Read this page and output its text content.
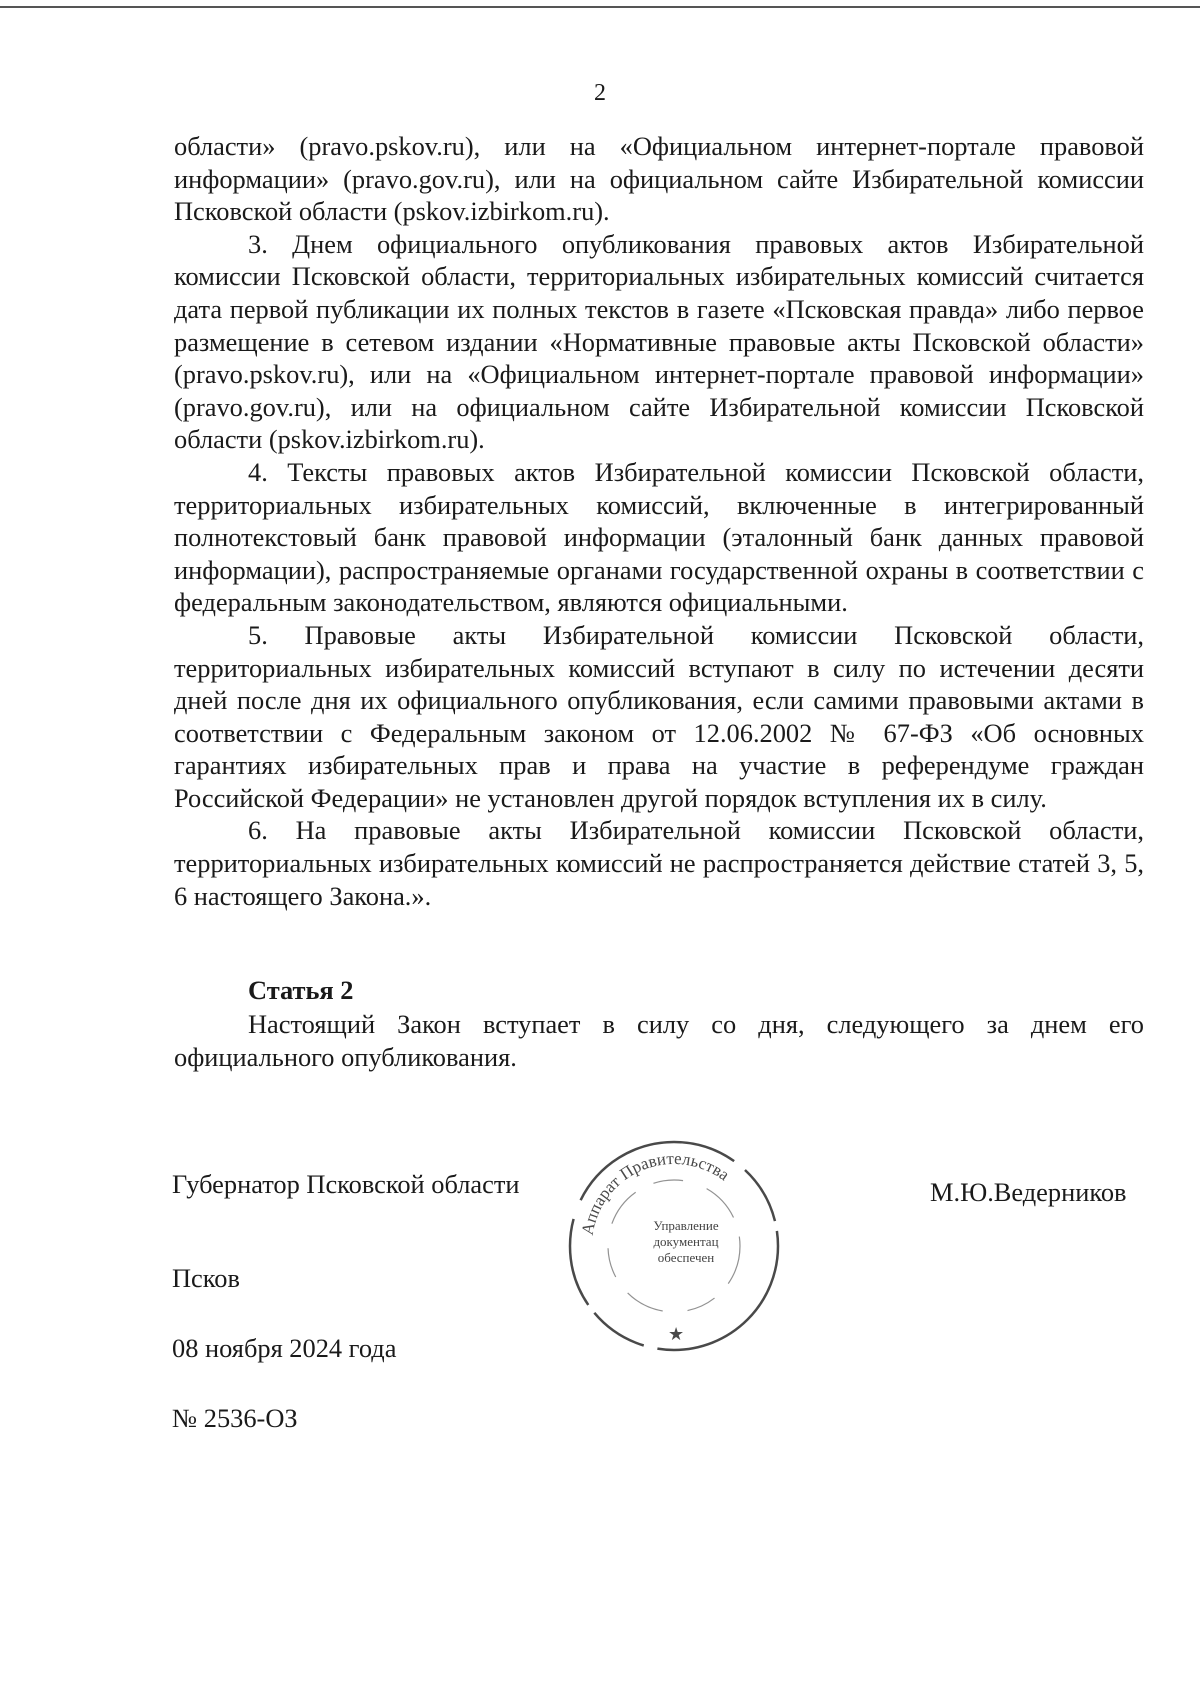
2

области» (pravo.pskov.ru), или на «Официальном интернет-портале правовой информации» (pravo.gov.ru), или на официальном сайте Избирательной комиссии Псковской области (pskov.izbirkom.ru).

3. Днем официального опубликования правовых актов Избирательной комиссии Псковской области, территориальных избирательных комиссий считается дата первой публикации их полных текстов в газете «Псковская правда» либо первое размещение в сетевом издании «Нормативные правовые акты Псковской области» (pravo.pskov.ru), или на «Официальном интернет-портале правовой информации» (pravo.gov.ru), или на официальном сайте Избирательной комиссии Псковской области (pskov.izbirkom.ru).

4. Тексты правовых актов Избирательной комиссии Псковской области, территориальных избирательных комиссий, включенные в интегрированный полнотекстовый банк правовой информации (эталонный банк данных правовой информации), распространяемые органами государственной охраны в соответствии с федеральным законодательством, являются официальными.

5. Правовые акты Избирательной комиссии Псковской области, территориальных избирательных комиссий вступают в силу по истечении десяти дней после дня их официального опубликования, если самими правовыми актами в соответствии с Федеральным законом от 12.06.2002 № 67-ФЗ «Об основных гарантиях избирательных прав и права на участие в референдуме граждан Российской Федерации» не установлен другой порядок вступления их в силу.

6. На правовые акты Избирательной комиссии Псковской области, территориальных избирательных комиссий не распространяется действие статей 3, 5, 6 настоящего Закона.».

Статья 2
Настоящий Закон вступает в силу со дня, следующего за днем его официального опубликования.
Губернатор Псковской области	М.Ю.Ведерников
Аппарат Правительства
★
Управление
документац
обеспечен
Псков
08 ноября 2024 года
№ 2536-ОЗ
